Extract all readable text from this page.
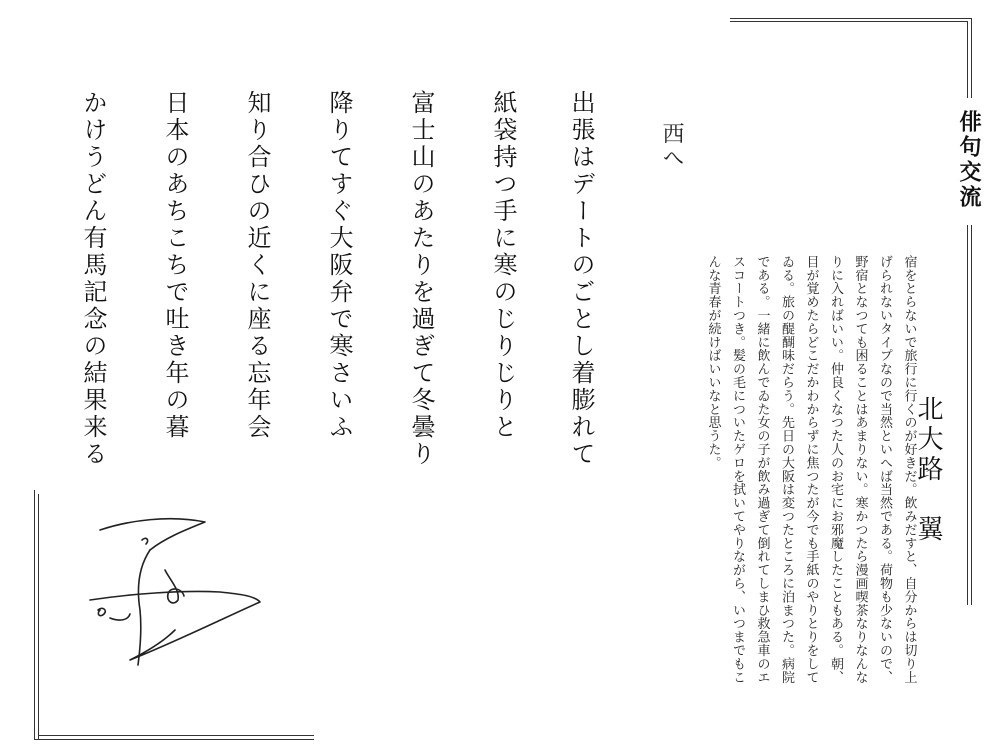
俳句交流
北大路　翼
宿をとらないで旅行に行くのが好きだ。飲みだすと、自分からは切り上げられないタイプなので当然といへば当然である。荷物も少ないので、野宿となつても困ることはあまりない。寒かつたら漫画喫茶なりなんなりに入ればいい。仲良くなつた人のお宅にお邪魔したこともある。朝、目が覚めたらどこだかわからずに焦つたが今でも手紙のやりとりをしてゐる。旅の醍醐味だらう。先日の大阪は変つたところに泊まつた。病院である。一緒に飲んでゐた女の子が飲み過ぎて倒れてしまひ救急車のエスコートつき。髪の毛についたゲロを拭いてやりながら、いつまでもこんな青春が続けばいいなと思うた。
西へ
出張はデートのごとし着膨れて
紙袋持つ手に寒のじりじりと
富士山のあたりを過ぎて冬曇り
降りてすぐ大阪弁で寒さいふ
知り合ひの近くに座る忘年会
日本のあちこちで吐き年の暮
かけうどん有馬記念の結果来る
